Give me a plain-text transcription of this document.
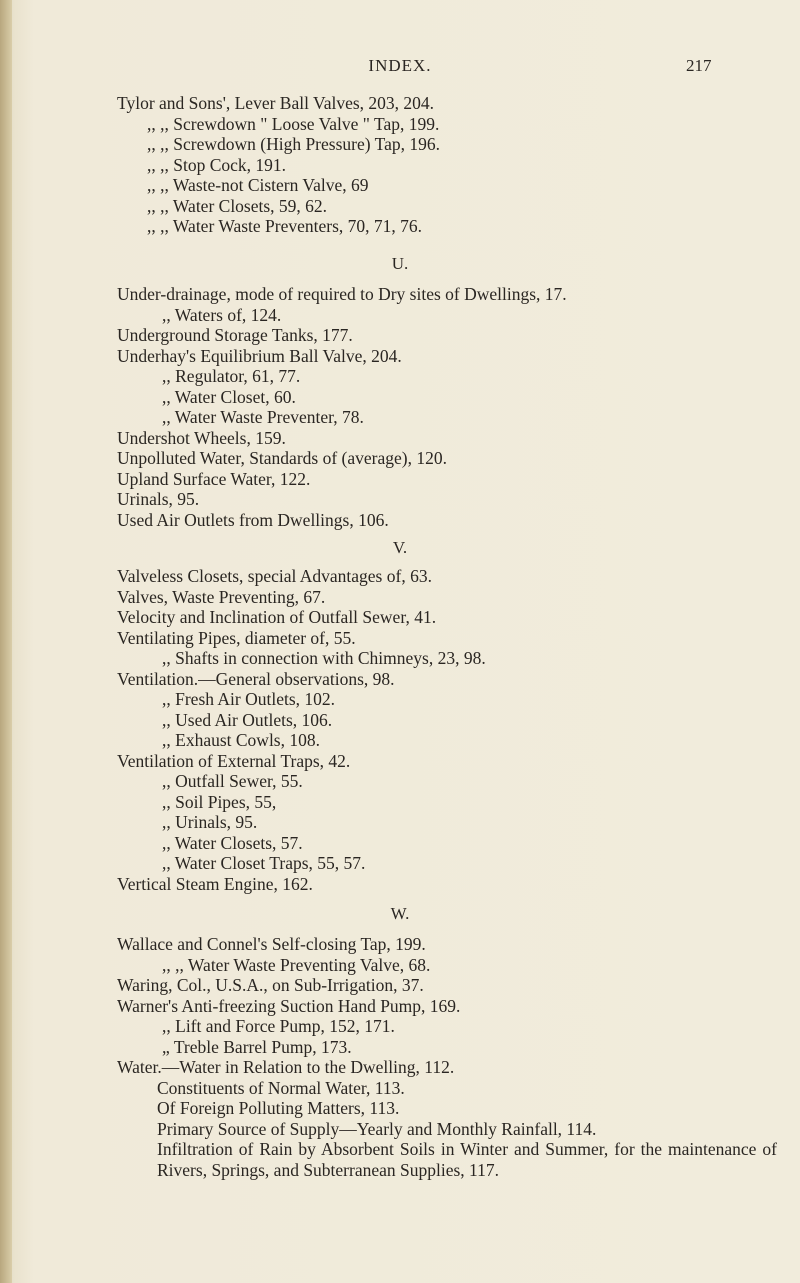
INDEX.	217
Tylor and Sons', Lever Ball Valves, 203, 204.
,, ,, Screwdown " Loose Valve " Tap, 199.
,, ,, Screwdown (High Pressure) Tap, 196.
,, ,, Stop Cock, 191.
,, ,, Waste-not Cistern Valve, 69
,, ,, Water Closets, 59, 62.
,, ,, Water Waste Preventers, 70, 71, 76.
U.
Under-drainage, mode of required to Dry sites of Dwellings, 17.
,, Waters of, 124.
Underground Storage Tanks, 177.
Underhay's Equilibrium Ball Valve, 204.
,, Regulator, 61, 77.
,, Water Closet, 60.
,, Water Waste Preventer, 78.
Undershot Wheels, 159.
Unpolluted Water, Standards of (average), 120.
Upland Surface Water, 122.
Urinals, 95.
Used Air Outlets from Dwellings, 106.
V.
Valveless Closets, special Advantages of, 63.
Valves, Waste Preventing, 67.
Velocity and Inclination of Outfall Sewer, 41.
Ventilating Pipes, diameter of, 55.
,, Shafts in connection with Chimneys, 23, 98.
Ventilation.—General observations, 98.
,, Fresh Air Outlets, 102.
,, Used Air Outlets, 106.
,, Exhaust Cowls, 108.
Ventilation of External Traps, 42.
,, Outfall Sewer, 55.
,, Soil Pipes, 55,
,, Urinals, 95.
,, Water Closets, 57.
,, Water Closet Traps, 55, 57.
Vertical Steam Engine, 162.
W.
Wallace and Connel's Self-closing Tap, 199.
,, ,, Water Waste Preventing Valve, 68.
Waring, Col., U.S.A., on Sub-Irrigation, 37.
Warner's Anti-freezing Suction Hand Pump, 169.
,, Lift and Force Pump, 152, 171.
„ Treble Barrel Pump, 173.
Water.—Water in Relation to the Dwelling, 112.
Constituents of Normal Water, 113.
Of Foreign Polluting Matters, 113.
Primary Source of Supply—Yearly and Monthly Rainfall, 114.
Infiltration of Rain by Absorbent Soils in Winter and Summer, for the maintenance of Rivers, Springs, and Subterranean Supplies, 117.
